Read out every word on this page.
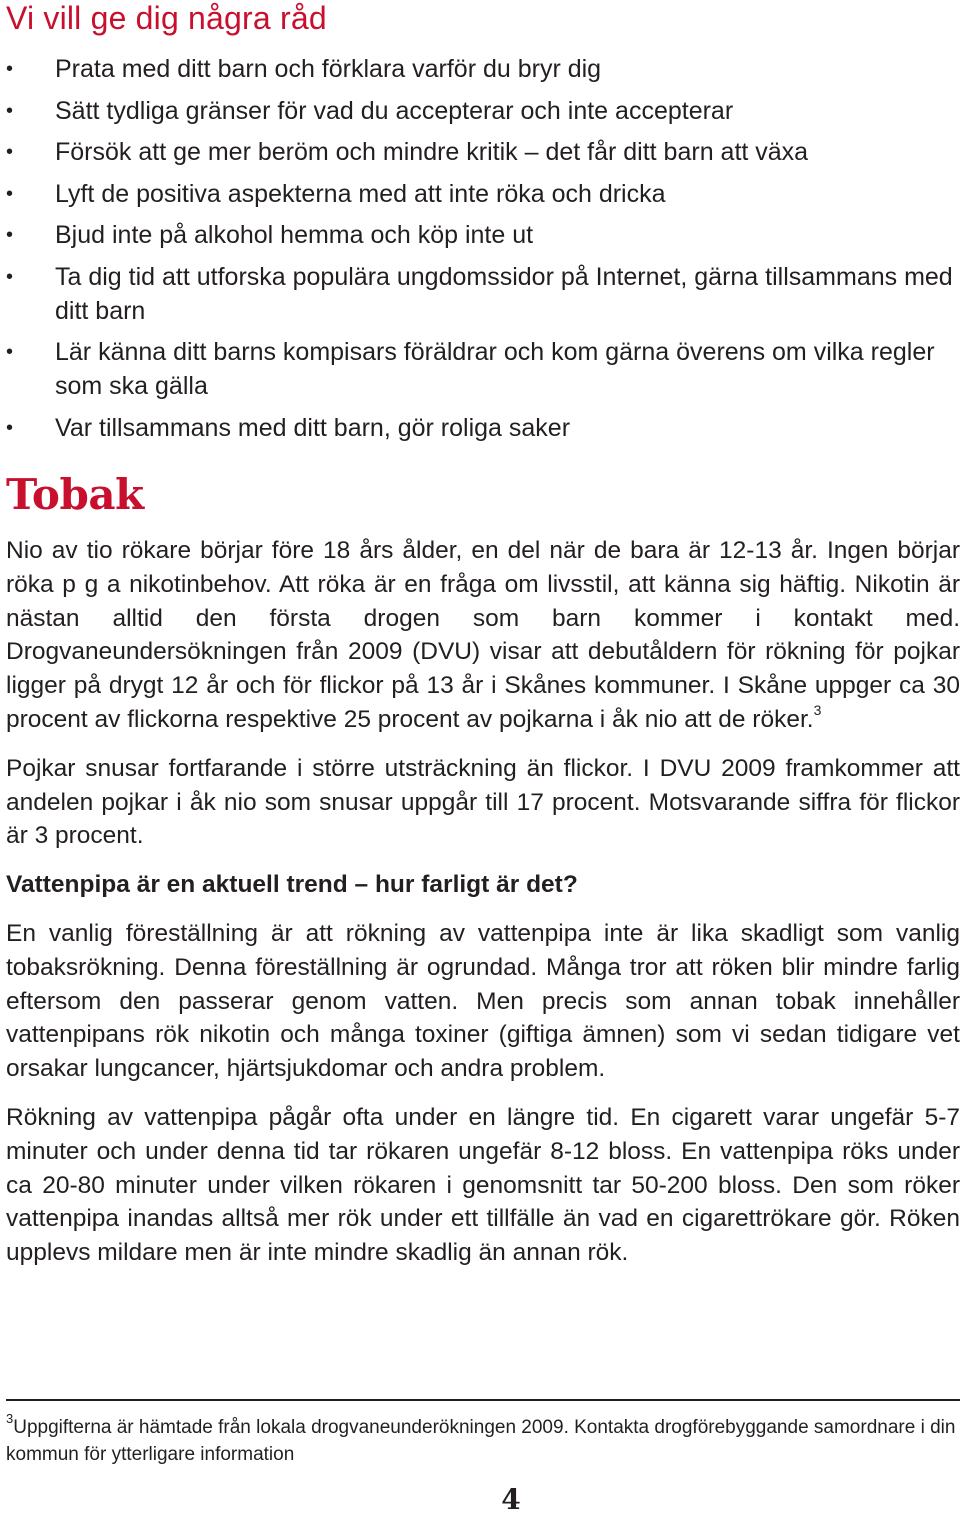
Vi vill ge dig några råd
• Prata med ditt barn och förklara varför du bryr dig
• Sätt tydliga gränser för vad du accepterar och inte accepterar
• Försök att ge mer beröm och mindre kritik – det får ditt barn att växa
• Lyft de positiva aspekterna med att inte röka och dricka
• Bjud inte på alkohol hemma och köp inte ut
• Ta dig tid att utforska populära ungdomssidor på Internet, gärna tillsammans med ditt barn
• Lär känna ditt barns kompisars föräldrar och kom gärna överens om vilka regler som ska gälla
• Var tillsammans med ditt barn, gör roliga saker
Tobak

Nio av tio rökare börjar före 18 års ålder, en del när de bara är 12-13 år. Ingen börjar röka p g a nikotinbehov. Att röka är en fråga om livsstil, att känna sig häftig. Nikotin är nästan alltid den första drogen som barn kommer i kontakt med. Drogvaneundersökningen från 2009 (DVU) visar att debutåldern för rökning för pojkar ligger på drygt 12 år och för flickor på 13 år i Skånes kommuner. I Skåne uppger ca 30 procent av flickorna respektive 25 procent av pojkarna i åk nio att de röker.$^3$

Pojkar snusar fortfarande i större utsträckning än flickor. I DVU 2009 framkommer att andelen pojkar i åk nio som snusar uppgår till 17 procent. Motsvarande siffra för flickor är 3 procent.

Vattenpipa är en aktuell trend – hur farligt är det?

En vanlig föreställning är att rökning av vattenpipa inte är lika skadligt som vanlig tobaksrökning. Denna föreställning är ogrundad. Många tror att röken blir mindre farlig eftersom den passerar genom vatten. Men precis som annan tobak innehåller vattenpipans rök nikotin och många toxiner (giftiga ämnen) som vi sedan tidigare vet orsakar lungcancer, hjärtsjukdomar och andra problem.

Rökning av vattenpipa pågår ofta under en längre tid. En cigarett varar ungefär 5-7 minuter och under denna tid tar rökaren ungefär 8-12 bloss. En vattenpipa röks under ca 20-80 minuter under vilken rökaren i genomsnitt tar 50-200 bloss. Den som röker vattenpipa inandas alltså mer rök under ett tillfälle än vad en cigarettrökare gör. Röken upplevs mildare men är inte mindre skadlig än annan rök.

$^3$Uppgifterna är hämtade från lokala drogvaneunderökningen 2009. Kontakta drogförebyggande samordnare i din kommun för ytterligare information
4
